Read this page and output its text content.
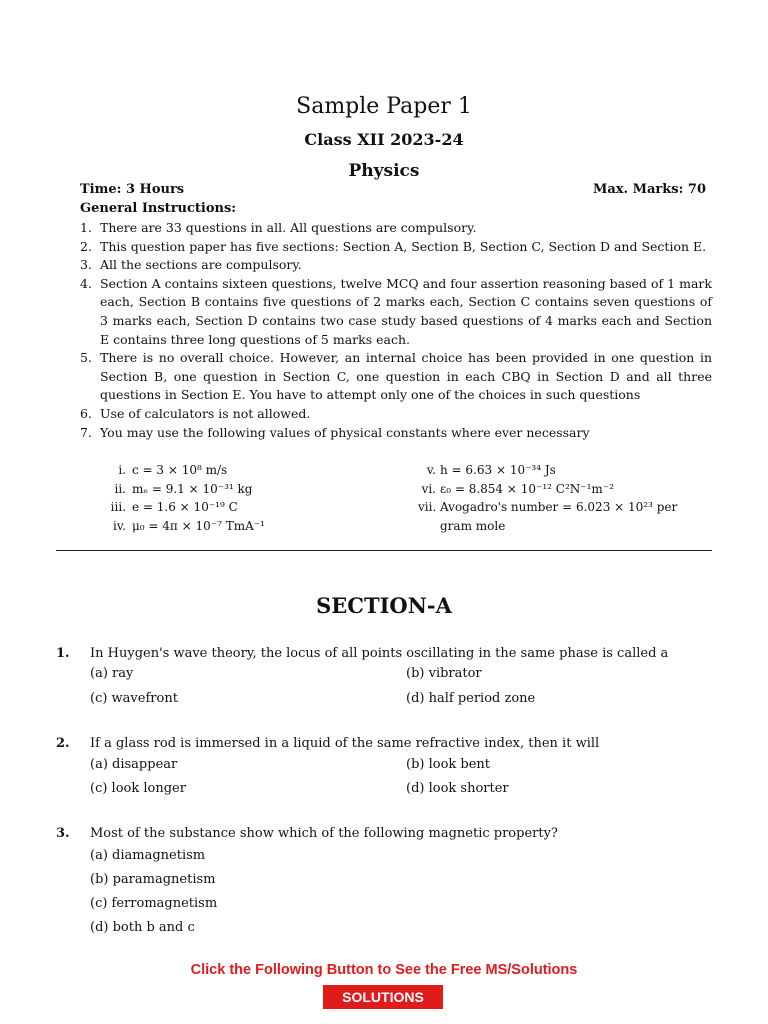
Sample Paper 1
Class XII 2023-24
Physics
Time: 3 Hours	Max. Marks: 70
General Instructions:
1. There are 33 questions in all. All questions are compulsory.
2. This question paper has five sections: Section A, Section B, Section C, Section D and Section E.
3. All the sections are compulsory.
4. Section A contains sixteen questions, twelve MCQ and four assertion reasoning based of 1 mark each, Section B contains five questions of 2 marks each, Section C contains seven questions of 3 marks each, Section D contains two case study based questions of 4 marks each and Section E contains three long questions of 5 marks each.
5. There is no overall choice. However, an internal choice has been provided in one question in Section B, one question in Section C, one question in each CBQ in Section D and all three questions in Section E. You have to attempt only one of the choices in such questions
6. Use of calculators is not allowed.
7. You may use the following values of physical constants where ever necessary
i. c = 3 × 10⁸ m/s	v. h = 6.63 × 10⁻³⁴ Js
ii. mₑ = 9.1 × 10⁻³¹ kg	vi. ε₀ = 8.854 × 10⁻¹² C²N⁻¹m⁻²
iii. e = 1.6 × 10⁻¹⁹ C	vii. Avogadro's number = 6.023 × 10²³ per
iv. μ₀ = 4π × 10⁻⁷ TmA⁻¹	gram mole
SECTION-A
1. In Huygen's wave theory, the locus of all points oscillating in the same phase is called a
(a) ray	(b) vibrator
(c) wavefront	(d) half period zone
2. If a glass rod is immersed in a liquid of the same refractive index, then it will
(a) disappear	(b) look bent
(c) look longer	(d) look shorter
3. Most of the substance show which of the following magnetic property?
(a) diamagnetism
(b) paramagnetism
(c) ferromagnetism
(d) both b and c
Click the Following Button to See the Free MS/Solutions
SOLUTIONS
